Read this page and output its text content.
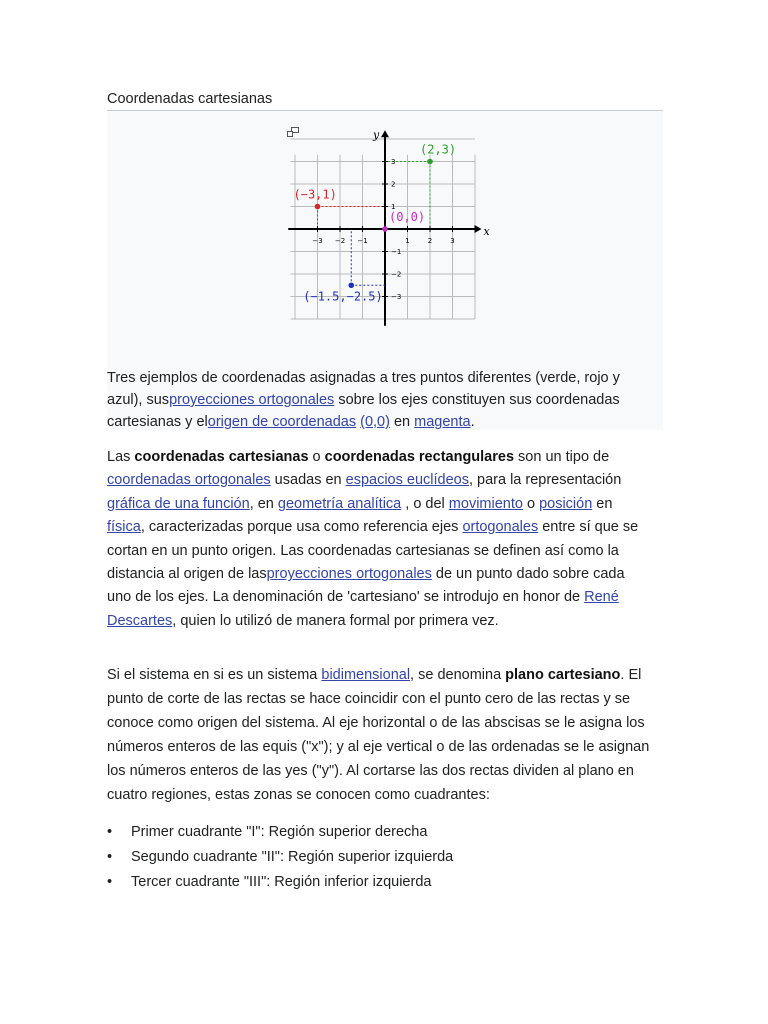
Coordenadas cartesianas
x
y
(2,3)
(−3,1)
(0,0)
(−1.5,−2.5)
−3 −2 −1	1	2	3
3
2
1
−1
−2
−3
Tres ejemplos de coordenadas asignadas a tres puntos diferentes (verde, rojo y azul), susproyecciones ortogonales sobre los ejes constituyen sus coordenadas cartesianas y elorigen de coordenadas (0,0) en magenta.
Las coordenadas cartesianas o coordenadas rectangulares son un tipo de coordenadas ortogonales usadas en espacios euclídeos, para la representación gráfica de una función, en geometría analítica , o del movimiento o posición en física, caracterizadas porque usa como referencia ejes ortogonales entre sí que se cortan en un punto origen. Las coordenadas cartesianas se definen así como la distancia al origen de lasproyecciones ortogonales de un punto dado sobre cada uno de los ejes. La denominación de 'cartesiano' se introdujo en honor de René Descartes, quien lo utilizó de manera formal por primera vez.
Si el sistema en si es un sistema bidimensional, se denomina plano cartesiano. El punto de corte de las rectas se hace coincidir con el punto cero de las rectas y se conoce como origen del sistema. Al eje horizontal o de las abscisas se le asigna los números enteros de las equis ("x"); y al eje vertical o de las ordenadas se le asignan los números enteros de las yes ("y"). Al cortarse las dos rectas dividen al plano en cuatro regiones, estas zonas se conocen como cuadrantes:
• Primer cuadrante "I": Región superior derecha
• Segundo cuadrante "II": Región superior izquierda
• Tercer cuadrante "III": Región inferior izquierda
